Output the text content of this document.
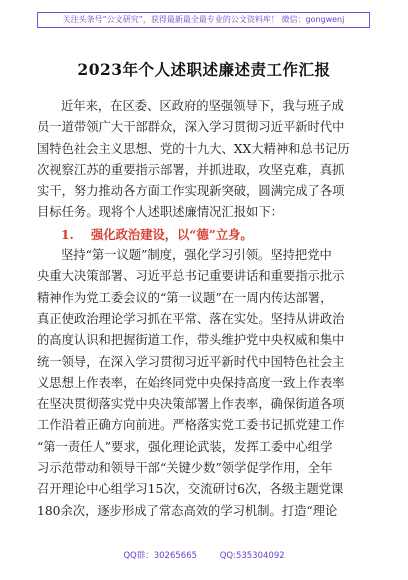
关注头条号“公文研究”，获得最新最全最专业的公文资料库！ 微信：gongwenj
2023年个人述职述廉述责工作汇报
近年来，在区委、区政府的坚强领导下，我与班子成
员一道带领广大干部群众，深入学习贯彻习近平新时代中
国特色社会主义思想、党的十九大、XX大精神和总书记历
次视察江苏的重要指示部署，并抓进取，攻坚克难，真抓
实干，努力推动各方面工作实现新突破，圆满完成了各项
目标任务。现将个人述职述廉情况汇报如下：
1. 强化政治建设，以“德”立身。
坚持“第一议题”制度，强化学习引领。坚持把党中
央重大决策部署、习近平总书记重要讲话和重要指示批示
精神作为党工委会议的“第一议题”在一周内传达部署，
真正使政治理论学习抓在平常、落在实处。坚持从讲政治
的高度认识和把握街道工作，带头维护党中央权威和集中
统一领导，在深入学习贯彻习近平新时代中国特色社会主
义思想上作表率，在始终同党中央保持高度一致上作表率
在坚决贯彻落实党中央决策部署上作表率，确保街道各项
工作沿着正确方向前进。严格落实党工委书记抓党建工作
“第一责任人”要求，强化理论武装，发挥工委中心组学
习示范带动和领导干部“关键少数”领学促学作用，全年
召开理论中心组学习15次，交流研讨6次，各级主题党课
180余次，逐步形成了常态高效的学习机制。打造“理论
QQ群：30265665	QQ:535304092
